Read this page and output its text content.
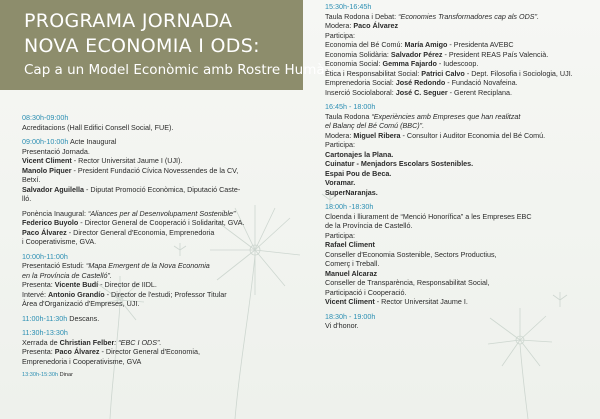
PROGRAMA JORNADA
NOVA ECONOMIA I ODS:
Cap a un Model Econòmic amb Rostre Humà
08:30h-09:00h
Acreditacions (Hall Edifici Consell Social, FUE).
09:00h-10:00h Acte Inaugural
Presentació Jornada.
Vicent Climent - Rector Universitat Jaume I (UJI).
Manolo Piquer - President Fundació Cívica Novessendes de la CV,
Betxí.
Salvador Aguilella - Diputat Promoció Econòmica, Diputació Caste-
lló.
Ponència Inaugural: “Aliances per al Desenvolupament Sostenible”
Federico Buyolo - Director General de Cooperació i Solidaritat, GVA.
Paco Álvarez - Director General d'Economia, Emprenedoria
i Cooperativisme, GVA.
10:00h-11:00h
Presentació Estudi: “Mapa Emergent de la Nova Economia
en la Província de Castelló”.
Presenta: Vicente Budí - Director de IIDL.
Intervé: Antonio Grandío - Director de l'estudi; Professor Titular
Àrea d'Organizació d'Empreses, UJI.
11:00h-11:30h Descans.
11:30h-13:30h
Xerrada de Christian Felber: “EBC I ODS”.
Presenta: Paco Álvarez - Director General d'Economia,
Emprenedoria i Cooperativisme, GVA
13:30h-15:30h Dinar
15:30h-16:45h
Taula Rodona i Debat: “Economies Transformadores cap als ODS”.
Modera: Paco Álvarez
Participa:
Economia del Bé Comú: María Amigo - Presidenta AVEBC
Economia Solidària: Salvador Pérez - President REAS País Valencià.
Economia Social: Gemma Fajardo - Iudescoop.
Ètica i Responsabilitat Social: Patrici Calvo - Dept. Filosofia i Sociologia, UJI.
Emprenedoria Social: José Redondo - Fundació Novafeina.
Inserció Sociolaboral: José C. Seguer - Gerent Reciplana.
16:45h - 18:00h
Taula Rodona “Experiències amb Empreses que han realitzat
el Balanç del Bé Comú (BBC)”.
Modera: Miguel Ribera - Consultor i Auditor Economia del Bé Comú.
Participa:
Cartonajes la Plana.
Cuinatur - Menjadors Escolars Sostenibles.
Espai Pou de Beca.
Voramar.
SuperNaranjas.
18:00h -18:30h
Cloenda i lliurament de “Menció Honorífica” a les Empreses EBC
de la Província de Castelló.
Participa:
Rafael Climent
Conseller d'Economia Sostenible, Sectors Productius,
Comerç i Treball.
Manuel Alcaraz
Conseller de Transparència, Responsabilitat Social,
Participació i Cooperació.
Vicent Climent - Rector Universitat Jaume I.
18:30h - 19:00h
Vi d'honor.
